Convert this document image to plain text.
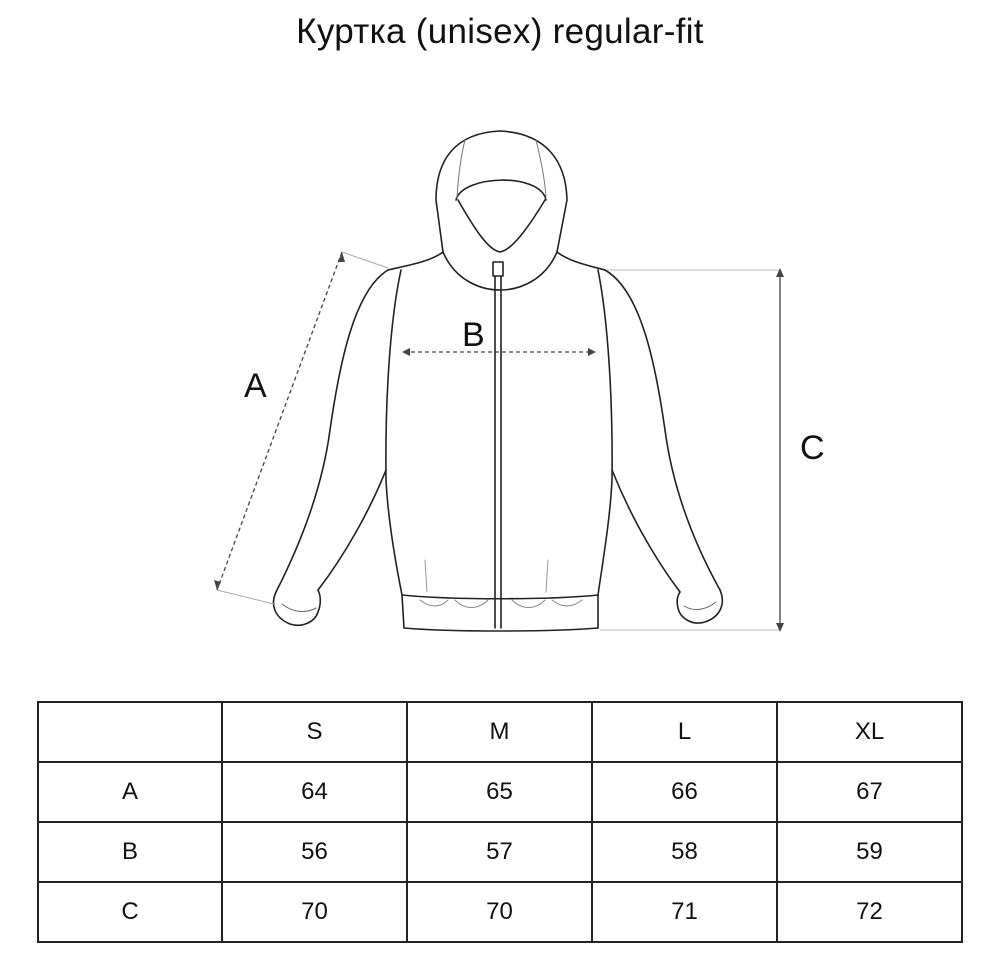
Куртка (unisex) regular-fit
A
B
C
	S	M	L	XL
A	64	65	66	67
B	56	57	58	59
C	70	70	71	72
